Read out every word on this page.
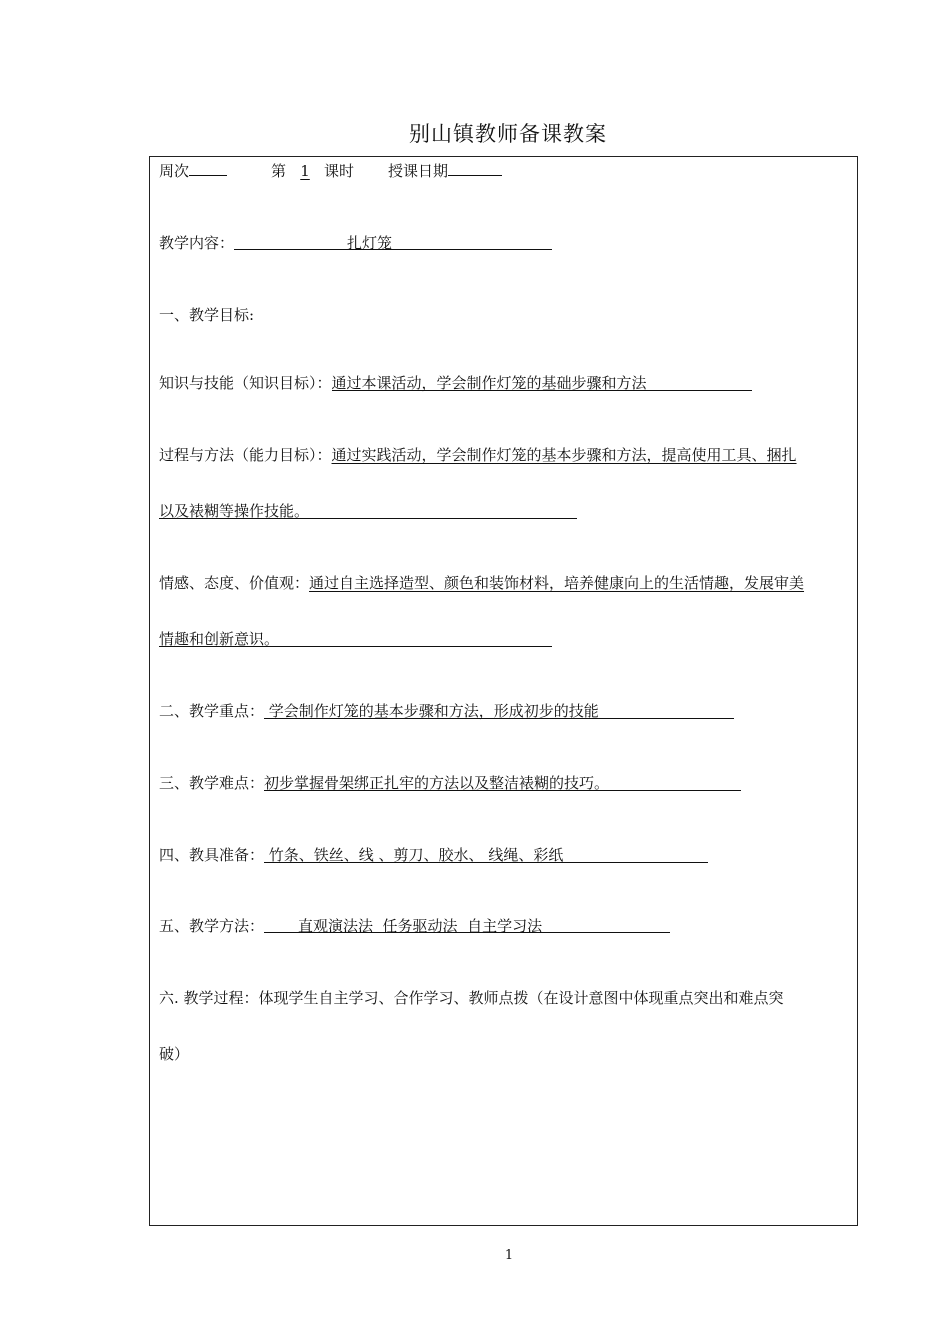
别山镇教师备课教案
周次	第 1 课时 授课日期
教学内容：	扎灯笼
一、教学目标:
知识与技能（知识目标）：通过本课活动，学会制作灯笼的基础步骤和方法
过程与方法（能力目标）：通过实践活动，学会制作灯笼的基本步骤和方法，提高使用工具、捆扎
以及裱糊等操作技能。
情感、态度、价值观：通过自主选择造型、颜色和装饰材料，培养健康向上的生活情趣，发展审美
情趣和创新意识。
二、教学重点： 学会制作灯笼的基本步骤和方法，形成初步的技能
三、教学难点：初步掌握骨架绑正扎牢的方法以及整洁裱糊的技巧。
四、教具准备： 竹条、铁丝、线 、剪刀、胶水、 线绳、彩纸
五、教学方法： 直观演法法  任务驱动法  自主学习法
六. 教学过程：体现学生自主学习、合作学习、教师点拨（在设计意图中体现重点突出和难点突
破）
1
